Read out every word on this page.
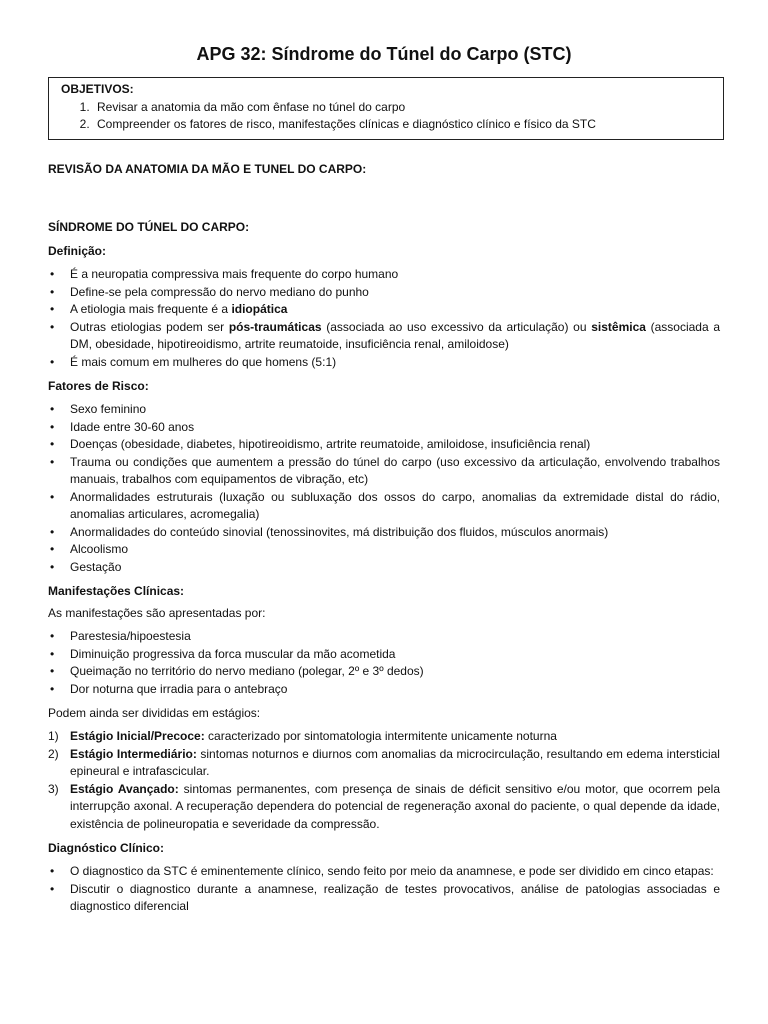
APG 32: Síndrome do Túnel do Carpo (STC)
OBJETIVOS:
1. Revisar a anatomia da mão com ênfase no túnel do carpo
2. Compreender os fatores de risco, manifestações clínicas e diagnóstico clínico e físico da STC

REVISÃO DA ANATOMIA DA MÃO E TUNEL DO CARPO:

SÍNDROME DO TÚNEL DO CARPO:

Definição:

• É a neuropatia compressiva mais frequente do corpo humano
• Define-se pela compressão do nervo mediano do punho
• A etiologia mais frequente é a idiopática
• Outras etiologias podem ser pós-traumáticas (associada ao uso excessivo da articulação) ou sistêmica (associada a DM, obesidade, hipotireoidismo, artrite reumatoide, insuficiência renal, amiloidose)
• É mais comum em mulheres do que homens (5:1)

Fatores de Risco:

• Sexo feminino
• Idade entre 30-60 anos
• Doenças (obesidade, diabetes, hipotireoidismo, artrite reumatoide, amiloidose, insuficiência renal)
• Trauma ou condições que aumentem a pressão do túnel do carpo (uso excessivo da articulação, envolvendo trabalhos manuais, trabalhos com equipamentos de vibração, etc)
• Anormalidades estruturais (luxação ou subluxação dos ossos do carpo, anomalias da extremidade distal do rádio, anomalias articulares, acromegalia)
• Anormalidades do conteúdo sinovial (tenossinovites, má distribuição dos fluidos, músculos anormais)
• Alcoolismo
• Gestação

Manifestações Clínicas:

As manifestações são apresentadas por:

• Parestesia/hipoestesia
• Diminuição progressiva da forca muscular da mão acometida
• Queimação no território do nervo mediano (polegar, 2º e 3º dedos)
• Dor noturna que irradia para o antebraço

Podem ainda ser divididas em estágios:

1) Estágio Inicial/Precoce: caracterizado por sintomatologia intermitente unicamente noturna
2) Estágio Intermediário: sintomas noturnos e diurnos com anomalias da microcirculação, resultando em edema intersticial epineural e intrafascicular.
3) Estágio Avançado: sintomas permanentes, com presença de sinais de déficit sensitivo e/ou motor, que ocorrem pela interrupção axonal. A recuperação dependera do potencial de regeneração axonal do paciente, o qual depende da idade, existência de polineuropatia e severidade da compressão.

Diagnóstico Clínico:

• O diagnostico da STC é eminentemente clínico, sendo feito por meio da anamnese, e pode ser dividido em cinco etapas:
• Discutir o diagnostico durante a anamnese, realização de testes provocativos, análise de patologias associadas e diagnostico diferencial
